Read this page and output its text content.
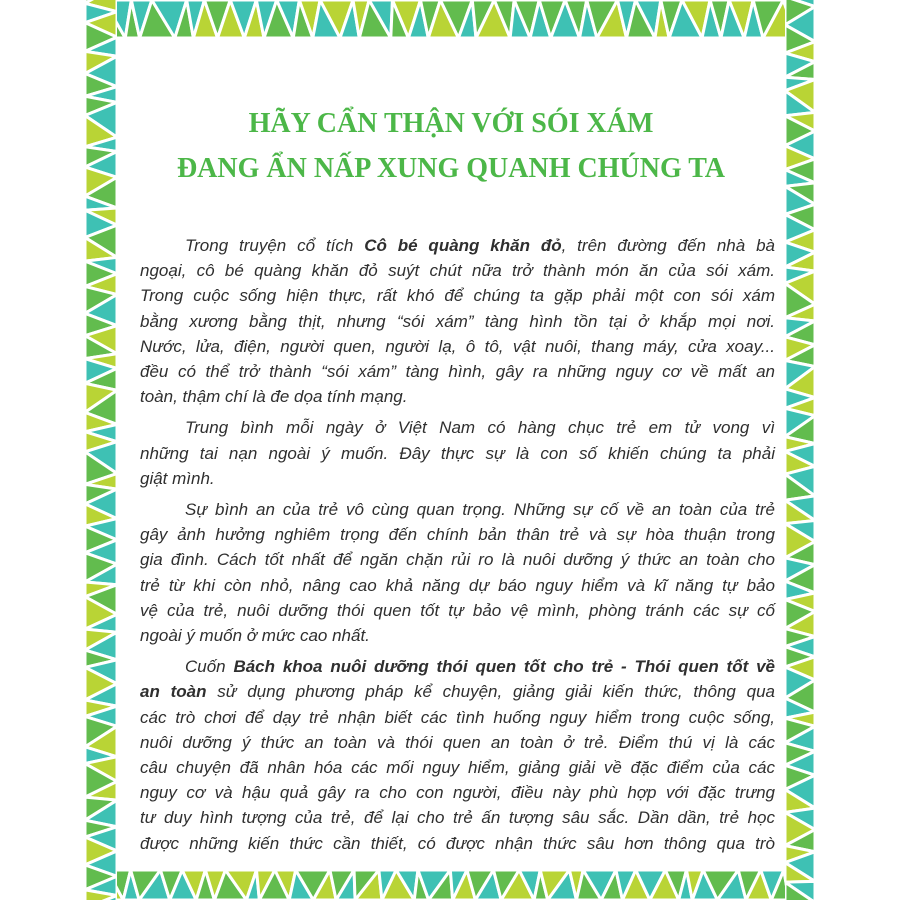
HÃY CẨN THẬN VỚI SÓI XÁM
ĐANG ẨN NẤP XUNG QUANH CHÚNG TA
Trong truyện cổ tích Cô bé quàng khăn đỏ, trên đường đến nhà bà
ngoại, cô bé quàng khăn đỏ suýt chút nữa trở thành món ăn của sói xám.
Trong cuộc sống hiện thực, rất khó để chúng ta gặp phải một con sói xám
bằng xương bằng thịt, nhưng “sói xám” tàng hình tồn tại ở khắp mọi nơi.
Nước, lửa, điện, người quen, người lạ, ô tô, vật nuôi, thang máy, cửa xoay...
đều có thể trở thành “sói xám” tàng hình, gây ra những nguy cơ về mất an
toàn, thậm chí là đe dọa tính mạng.
Trung bình mỗi ngày ở Việt Nam có hàng chục trẻ em tử vong vì
những tai nạn ngoài ý muốn. Đây thực sự là con số khiến chúng ta phải
giật mình.
Sự bình an của trẻ vô cùng quan trọng. Những sự cố về an toàn của trẻ
gây ảnh hưởng nghiêm trọng đến chính bản thân trẻ và sự hòa thuận trong
gia đình. Cách tốt nhất để ngăn chặn rủi ro là nuôi dưỡng ý thức an toàn cho
trẻ từ khi còn nhỏ, nâng cao khả năng dự báo nguy hiểm và kĩ năng tự bảo
vệ của trẻ, nuôi dưỡng thói quen tốt tự bảo vệ mình, phòng tránh các sự cố
ngoài ý muốn ở mức cao nhất.
Cuốn Bách khoa nuôi dưỡng thói quen tốt cho trẻ - Thói quen tốt về
an toàn sử dụng phương pháp kể chuyện, giảng giải kiến thức, thông qua
các trò chơi để dạy trẻ nhận biết các tình huống nguy hiểm trong cuộc sống,
nuôi dưỡng ý thức an toàn và thói quen an toàn ở trẻ. Điểm thú vị là các
câu chuyện đã nhân hóa các mối nguy hiểm, giảng giải về đặc điểm của các
nguy cơ và hậu quả gây ra cho con người, điều này phù hợp với đặc trưng
tư duy hình tượng của trẻ, để lại cho trẻ ấn tượng sâu sắc. Dần dần, trẻ học
được những kiến thức cần thiết, có được nhận thức sâu hơn thông qua trò
